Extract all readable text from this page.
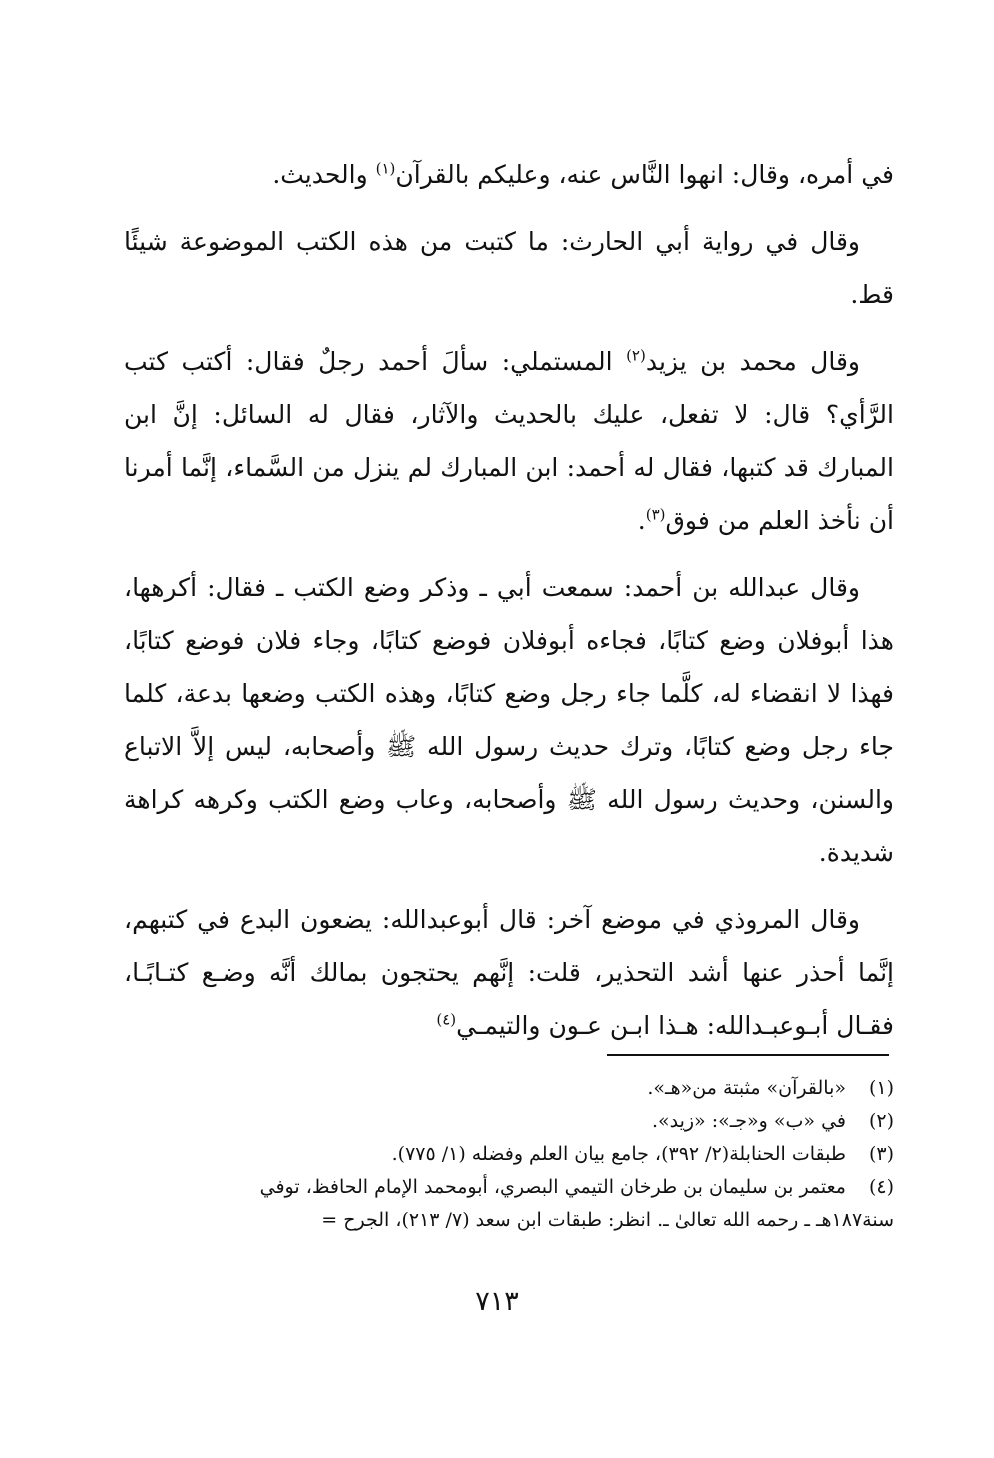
في أمره، وقال: انهوا النَّاس عنه، وعليكم بالقرآن$^{(١)}$ والحديث.

وقال في رواية أبي الحارث: ما كتبت من هذه الكتب الموضوعة شيئًا قط.

وقال محمد بن يزيد$^{(٢)}$ المستملي: سألَ أحمد رجلٌ فقال: أكتب كتب الرَّأي؟ قال: لا تفعل، عليك بالحديث والآثار، فقال له السائل: إنَّ ابن المبارك قد كتبها، فقال له أحمد: ابن المبارك لم ينزل من السَّماء، إنَّما أمرنا أن نأخذ العلم من فوق$^{(٣)}$.

وقال عبدالله بن أحمد: سمعت أبي ـ وذكر وضع الكتب ـ فقال: أكرهها، هذا أبوفلان وضع كتابًا، فجاءه أبوفلان فوضع كتابًا، وجاء فلان فوضع كتابًا، فهذا لا انقضاء له، كلَّما جاء رجل وضع كتابًا، وهذه الكتب وضعها بدعة، كلما جاء رجل وضع كتابًا، وترك حديث رسول الله ﷺ وأصحابه، ليس إلاَّ الاتباع والسنن، وحديث رسول الله ﷺ وأصحابه، وعاب وضع الكتب وكرهه كراهة شديدة.

وقال المروذي في موضع آخر: قال أبوعبدالله: يضعون البدع في كتبهم، إنَّما أحذر عنها أشد التحذير، قلت: إنَّهم يحتجون بمالك أنَّه وضـع كتـابًـا، فقـال أبـوعبـدالله: هـذا ابـن عـون والتيمـي$^{(٤)}$

(١)
«بالقرآن» مثبتة من«هـ».
(٢)
في «ب» و«جـ»: «زيد».
(٣)
طبقات الحنابلة(٢/ ٣٩٢)، جامع بيان العلم وفضله (١/ ٧٧٥).
(٤)
معتمر بن سليمان بن طرخان التيمي البصري، أبومحمد الإمام الحافظ، توفي
سنة١٨٧هـ ـ رحمه الله تعالىٰ ـ. انظر: طبقات ابن سعد (٧/ ٢١٣)، الجرح =
٧١٣
